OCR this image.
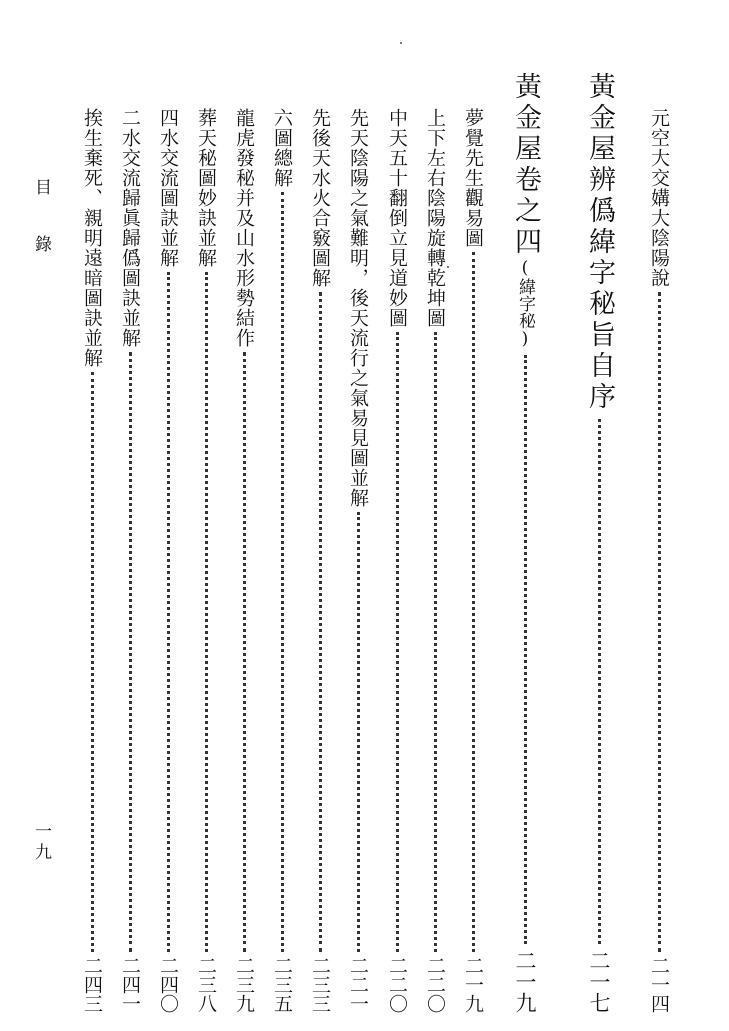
元空大交媾大陰陽說
二一四
黃金屋辨僞緯字秘旨自序
二一七
黃金屋卷之四(緯字秘)
二一九
夢覺先生觀易圖
二一九
上下左右陰陽旋轉乾坤圖
二二〇
中天五十翻倒立見道妙圖
二二〇
先天陰陽之氣難明，後天流行之氣易見圖並解
二二一
先後天水火合竅圖解
二三三
六圖總解
二三五
龍虎發秘并及山水形勢結作
二三九
葬天秘圖妙訣並解
二三八
四水交流圖訣並解
二四〇
二水交流歸眞歸僞圖訣並解
二四一
挨生棄死、親明遠暗圖訣並解
二四三
目錄
一九
